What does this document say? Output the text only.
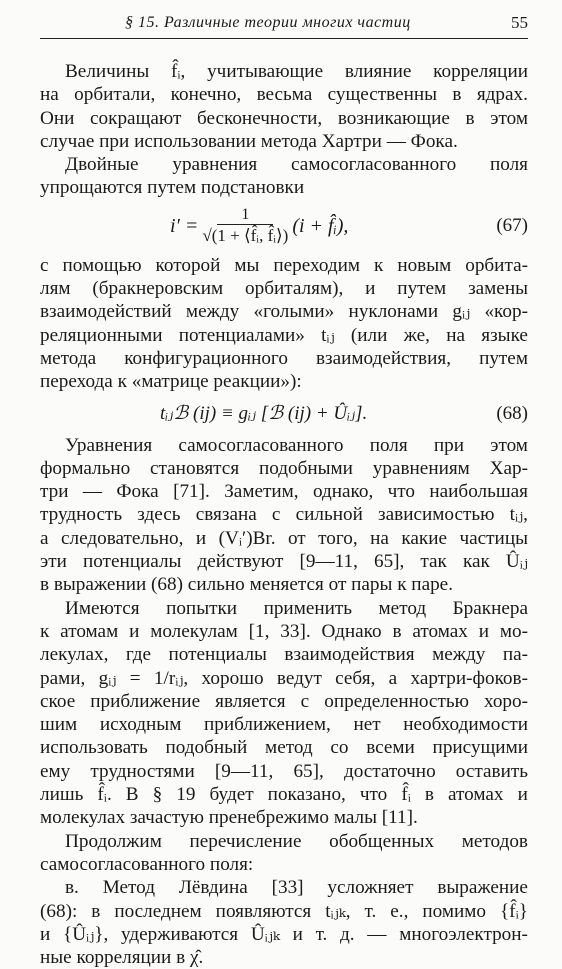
§ 15. Различные теории многих частиц	55
Величины f̂ᵢ, учитывающие влияние корреляции
на орбитали, конечно, весьма существенны в ядрах.
Они сокращают бесконечности, возникающие в этом
случае при использовании метода Хартри — Фока.
Двойные уравнения самосогласованного поля
упрощаются путем подстановки
$i' = \frac{1}{\text{√(1 + ⟨f̂ᵢ, f̂ᵢ⟩)}} (i$ + f̂ᵢ),	(67)
с помощью которой мы переходим к новым орбита-
лям (бракнеровским орбиталям), и путем замены
взаимодействий между «голыми» нуклонами gᵢⱼ «кор-
реляционными потенциалами» tᵢⱼ (или же, на языке
метода конфигурационного взаимодействия, путем
перехода к «матрице реакции»):
tᵢⱼℬ (ij) ≡ gᵢⱼ [ℬ (ij) + Ûᵢⱼ].	(68)
Уравнения самосогласованного поля при этом
формально становятся подобными уравнениям Хар-
три — Фока [71]. Заметим, однако, что наибольшая
трудность здесь связана с сильной зависимостью tᵢⱼ,
а следовательно, и (Vᵢ′)Br. от того, на какие частицы
эти потенциалы действуют [9—11, 65], так как Ûᵢⱼ
в выражении (68) сильно меняется от пары к паре.
Имеются попытки применить метод Бракнера
к атомам и молекулам [1, 33]. Однако в атомах и мо-
лекулах, где потенциалы взаимодействия между па-
рами, gᵢⱼ = 1/rᵢⱼ, хорошо ведут себя, а хартри-фоков-
ское приближение является с определенностью хоро-
шим исходным приближением, нет необходимости
использовать подобный метод со всеми присущими
ему трудностями [9—11, 65], достаточно оставить
лишь f̂ᵢ. В § 19 будет показано, что f̂ᵢ в атомах и
молекулах зачастую пренебрежимо малы [11].
Продолжим перечисление обобщенных методов
самосогласованного поля:
в. Метод Лёвдина [33] усложняет выражение
(68): в последнем появляются tᵢⱼₖ, т. е., помимо {f̂ᵢ}
и {Ûᵢⱼ}, удерживаются Ûᵢⱼₖ и т. д. — многоэлектрон-
ные корреляции в χ̂.
